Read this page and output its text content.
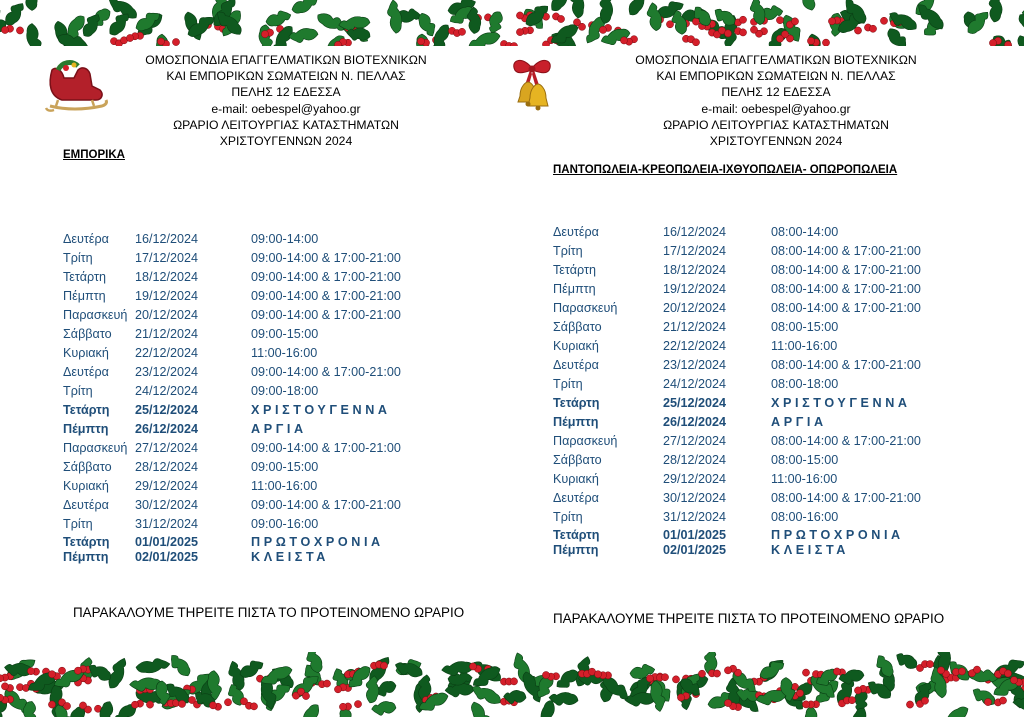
ΟΜΟΣΠΟΝΔΙΑ ΕΠΑΓΓΕΛΜΑΤΙΚΩΝ ΒΙΟΤΕΧΝΙΚΩΝ
ΚΑΙ ΕΜΠΟΡΙΚΩΝ ΣΩΜΑΤΕΙΩΝ Ν. ΠΕΛΛΑΣ
ΠΕΛΗΣ 12 ΕΔΕΣΣΑ
e-mail: oebespel@yahoo.gr
ΩΡΑΡΙΟ ΛΕΙΤΟΥΡΓΙΑΣ ΚΑΤΑΣΤΗΜΑΤΩΝ
ΧΡΙΣΤΟΥΓΕΝΝΩΝ 2024
ΕΜΠΟΡΙΚΑ
Δευτέρα 16/12/2024	09:00-14:00
Τρίτη	17/12/2024	09:00-14:00 & 17:00-21:00
Τετάρτη 18/12/2024	09:00-14:00 & 17:00-21:00
Πέμπτη 19/12/2024	09:00-14:00 & 17:00-21:00
Παρασκευή 20/12/2024	09:00-14:00 & 17:00-21:00
Σάββατο 21/12/2024	09:00-15:00
Κυριακή 22/12/2024	11:00-16:00
Δευτέρα 23/12/2024	09:00-14:00 & 17:00-21:00
Τρίτη	24/12/2024	09:00-18:00
Τετάρτη 25/12/2024	ΧΡΙΣΤΟΥΓΕΝΝΑ
Πέμπτη 26/12/2024	ΑΡΓΙΑ
Παρασκευή 27/12/2024	09:00-14:00 & 17:00-21:00
Σάββατο 28/12/2024	09:00-15:00
Κυριακή 29/12/2024	11:00-16:00
Δευτέρα 30/12/2024	09:00-14:00 & 17:00-21:00
Τρίτη	31/12/2024	09:00-16:00
Τετάρτη 01/01/2025	ΠΡΩΤΟΧΡΟΝΙΑ
Πέμπτη 02/01/2025	ΚΛΕΙΣΤΑ
ΠΑΡΑΚΑΛΟΥΜΕ ΤΗΡΕΙΤΕ ΠΙΣΤΑ ΤΟ ΠΡΟΤΕΙΝΟΜΕΝΟ ΩΡΑΡΙΟ
ΟΜΟΣΠΟΝΔΙΑ ΕΠΑΓΓΕΛΜΑΤΙΚΩΝ ΒΙΟΤΕΧΝΙΚΩΝ
ΚΑΙ ΕΜΠΟΡΙΚΩΝ ΣΩΜΑΤΕΙΩΝ Ν. ΠΕΛΛΑΣ
ΠΕΛΗΣ 12 ΕΔΕΣΣΑ
e-mail: oebespel@yahoo.gr
ΩΡΑΡΙΟ ΛΕΙΤΟΥΡΓΙΑΣ ΚΑΤΑΣΤΗΜΑΤΩΝ
ΧΡΙΣΤΟΥΓΕΝΝΩΝ 2024
ΠΑΝΤΟΠΩΛΕΙΑ-ΚΡΕΟΠΩΛΕΙΑ-ΙΧΘΥΟΠΩΛΕΙΑ- ΟΠΩΡΟΠΩΛΕΙΑ
Δευτέρα	16/12/2024	08:00-14:00
Τρίτη	17/12/2024	08:00-14:00 & 17:00-21:00
Τετάρτη	18/12/2024	08:00-14:00 & 17:00-21:00
Πέμπτη	19/12/2024	08:00-14:00 & 17:00-21:00
Παρασκευή	20/12/2024	08:00-14:00 & 17:00-21:00
Σάββατο	21/12/2024	08:00-15:00
Κυριακή	22/12/2024	11:00-16:00
Δευτέρα	23/12/2024	08:00-14:00 & 17:00-21:00
Τρίτη	24/12/2024	08:00-18:00
Τετάρτη	25/12/2024	ΧΡΙΣΤΟΥΓΕΝΝΑ
Πέμπτη	26/12/2024	ΑΡΓΙΑ
Παρασκευή	27/12/2024	08:00-14:00 & 17:00-21:00
Σάββατο	28/12/2024	08:00-15:00
Κυριακή	29/12/2024	11:00-16:00
Δευτέρα	30/12/2024	08:00-14:00 & 17:00-21:00
Τρίτη	31/12/2024	08:00-16:00
Τετάρτη	01/01/2025	ΠΡΩΤΟΧΡΟΝΙΑ
Πέμπτη	02/01/2025	ΚΛΕΙΣΤΑ
ΠΑΡΑΚΑΛΟΥΜΕ ΤΗΡΕΙΤΕ ΠΙΣΤΑ ΤΟ ΠΡΟΤΕΙΝΟΜΕΝΟ ΩΡΑΡΙΟ
